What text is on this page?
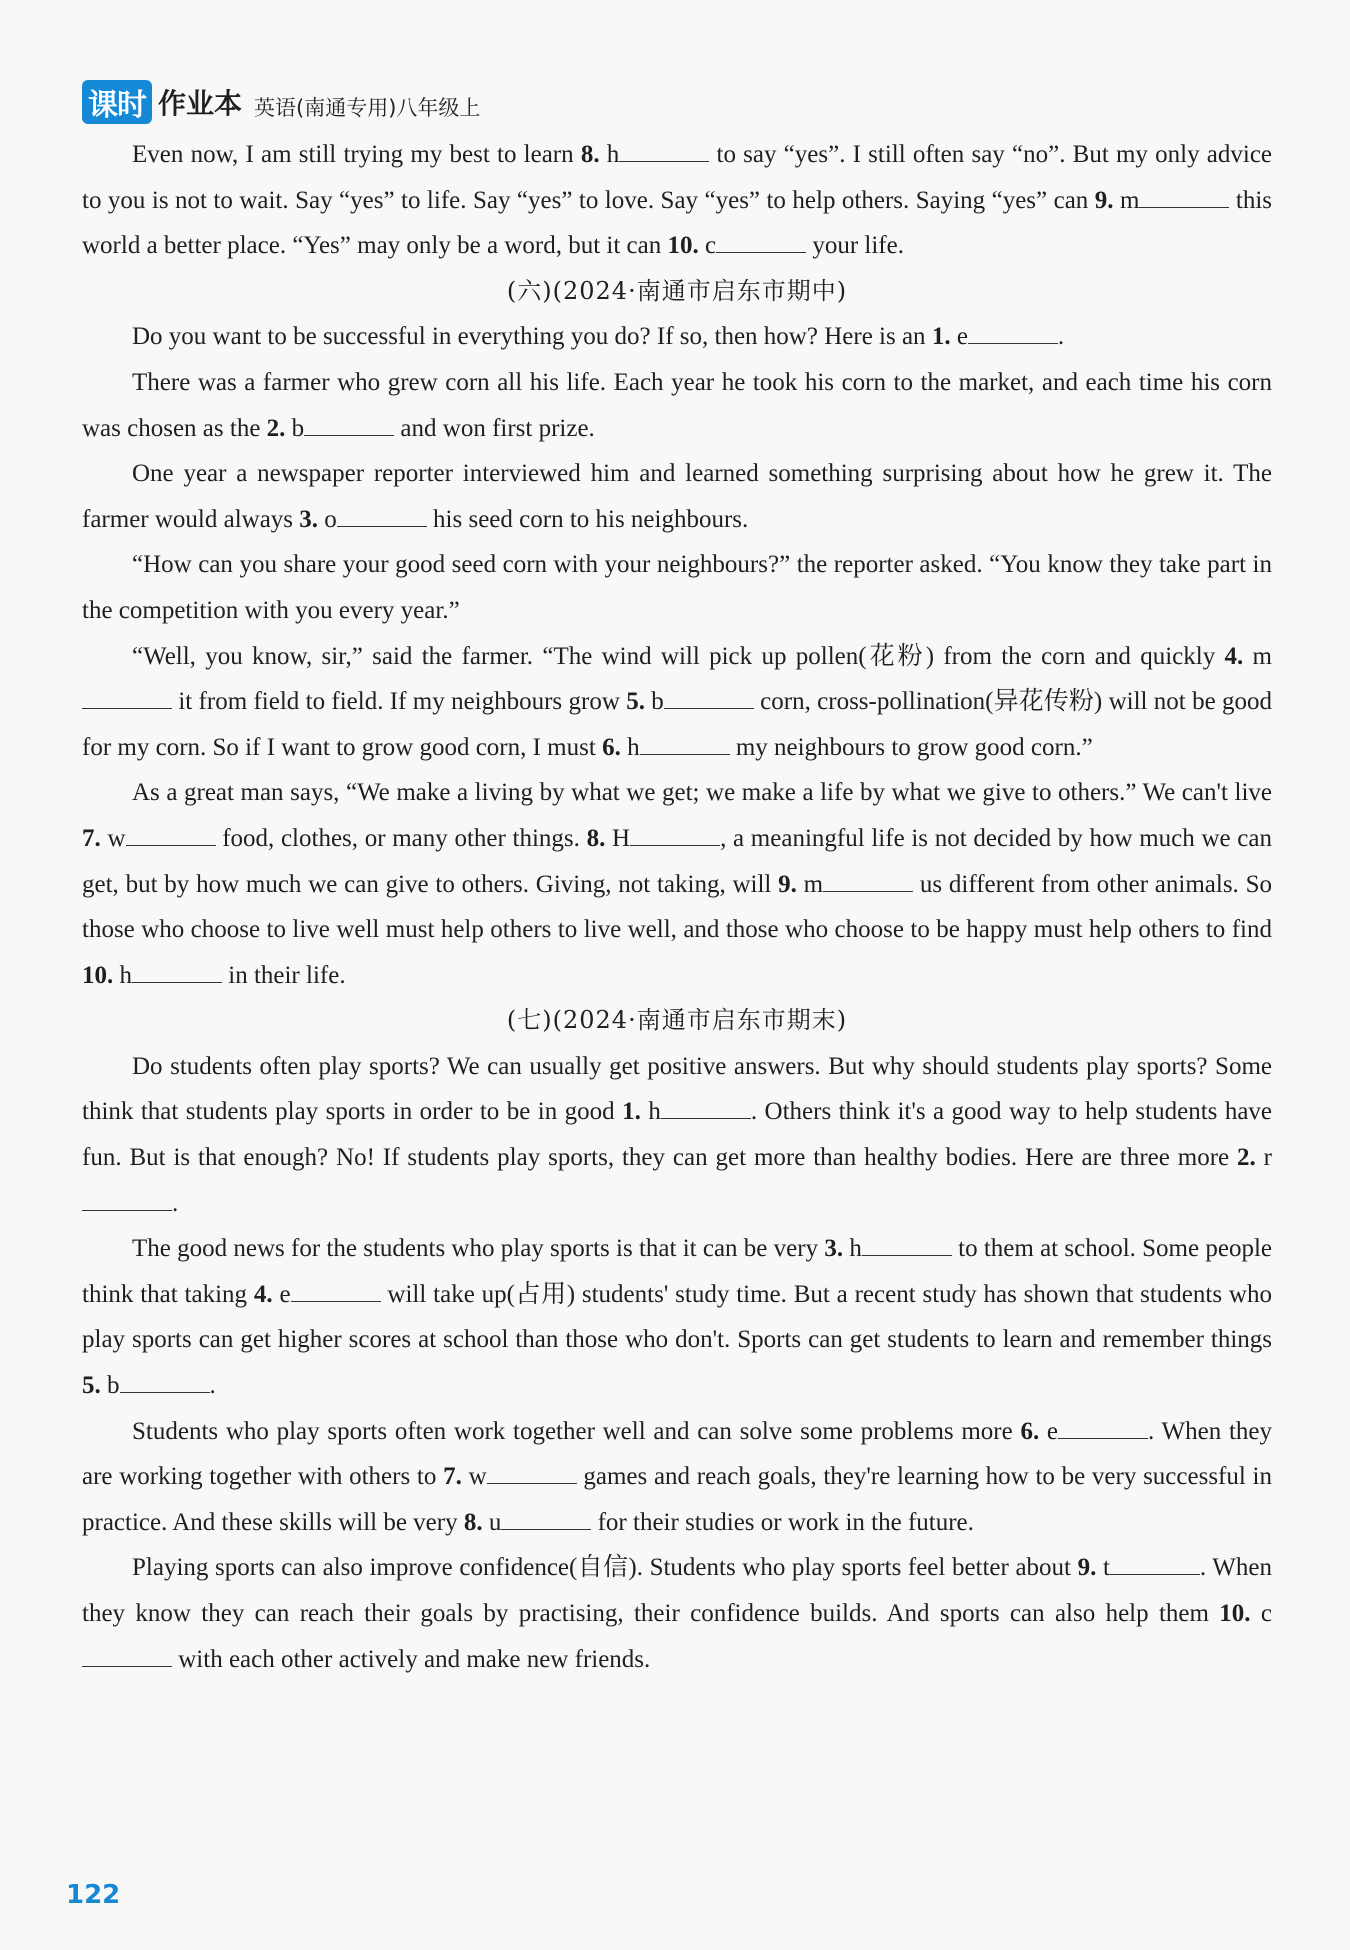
课时 作业本 英语(南通专用)八年级上

Even now, I am still trying my best to learn 8. h	to say “yes”. I still often say “no”. But my only advice to you is not to wait. Say “yes” to life. Say “yes” to love. Say “yes” to help others. Saying “yes” can 9. m	this world a better place. “Yes” may only be a word, but it can 10. c	your life.

(六)(2024·南通市启东市期中)

Do you want to be successful in everything you do? If so, then how? Here is an 1. e	.

There was a farmer who grew corn all his life. Each year he took his corn to the market, and each time his corn was chosen as the 2. b	and won first prize.

One year a newspaper reporter interviewed him and learned something surprising about how he grew it. The farmer would always 3. o	his seed corn to his neighbours.

“How can you share your good seed corn with your neighbours?” the reporter asked. “You know they take part in the competition with you every year.”

“Well, you know, sir,” said the farmer. “The wind will pick up pollen(花粉) from the corn and quickly 4. m it from field to field. If my neighbours grow 5. b	corn, cross-pollination(异花传粉) will not be good for my corn. So if I want to grow good corn, I must 6. h	my neighbours to grow good corn.”

As a great man says, “We make a living by what we get; we make a life by what we give to others.” We can't live 7. w	food, clothes, or many other things. 8. H	, a meaningful life is not decided by how much we can get, but by how much we can give to others. Giving, not taking, will 9. m	us different from other animals. So those who choose to live well must help others to live well, and those who choose to be happy must help others to find 10. h	in their life.

(七)(2024·南通市启东市期末)

Do students often play sports? We can usually get positive answers. But why should students play sports? Some think that students play sports in order to be in good 1. h	. Others think it's a good way to help students have fun. But is that enough? No! If students play sports, they can get more than healthy bodies. Here are three more 2. r.

The good news for the students who play sports is that it can be very 3. h	to them at school. Some people think that taking 4. e	will take up(占用) students' study time. But a recent study has shown that students who play sports can get higher scores at school than those who don't. Sports can get students to learn and remember things 5. b	.

Students who play sports often work together well and can solve some problems more 6. e	. When they are working together with others to 7. w	games and reach goals, they're learning how to be very successful in practice. And these skills will be very 8. u	for their studies or work in the future.

Playing sports can also improve confidence(自信). Students who play sports feel better about 9. t	. When they know they can reach their goals by practising, their confidence builds. And sports can also help them 10. c with each other actively and make new friends.

122
